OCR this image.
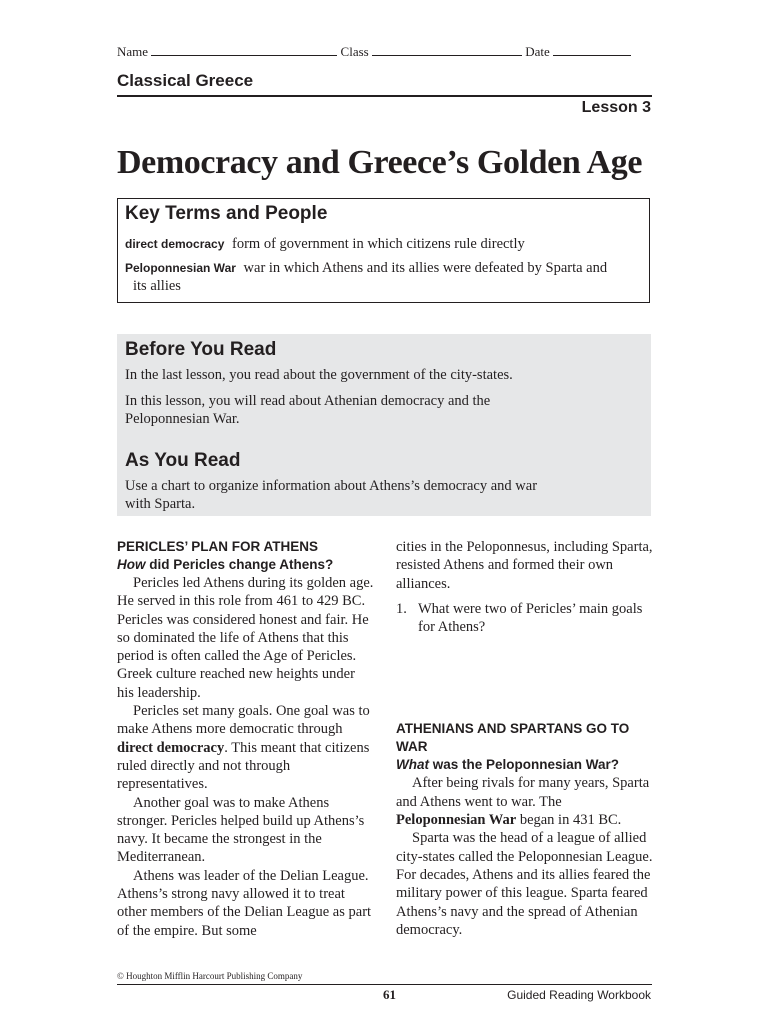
Name	Class	Date
Classical Greece
Lesson 3
Democracy and Greece’s Golden Age
Key Terms and People
direct democracy form of government in which citizens rule directly
Peloponnesian War war in which Athens and its allies were defeated by Sparta and
its allies
Before You Read
In the last lesson, you read about the government of the city-states.
In this lesson, you will read about Athenian democracy and the Peloponnesian War.
As You Read
Use a chart to organize information about Athens’s democracy and war with Sparta.
PERICLES’ PLAN FOR ATHENS
How did Pericles change Athens?

Pericles led Athens during its golden age. He served in this role from 461 to 429 BC. Pericles was considered honest and fair. He so dominated the life of Athens that this period is often called the Age of Pericles. Greek culture reached new heights under his leadership.

Pericles set many goals. One goal was to make Athens more democratic through direct democracy. This meant that citizens ruled directly and not through representatives.

Another goal was to make Athens stronger. Pericles helped build up Athens’s navy. It became the strongest in the Mediterranean.

Athens was leader of the Delian League. Athens’s strong navy allowed it to treat other members of the Delian League as part of the empire. But some

cities in the Peloponnesus, including Sparta, resisted Athens and formed their own alliances.

1. What were two of Pericles’ main goals for Athens?
ATHENIANS AND SPARTANS GO TO WAR
What was the Peloponnesian War?

After being rivals for many years, Sparta and Athens went to war. The Peloponnesian War began in 431 BC.

Sparta was the head of a league of allied city-states called the Peloponnesian League. For decades, Athens and its allies feared the military power of this league. Sparta feared Athens’s navy and the spread of Athenian democracy.

© Houghton Mifflin Harcourt Publishing Company
61	Guided Reading Workbook
